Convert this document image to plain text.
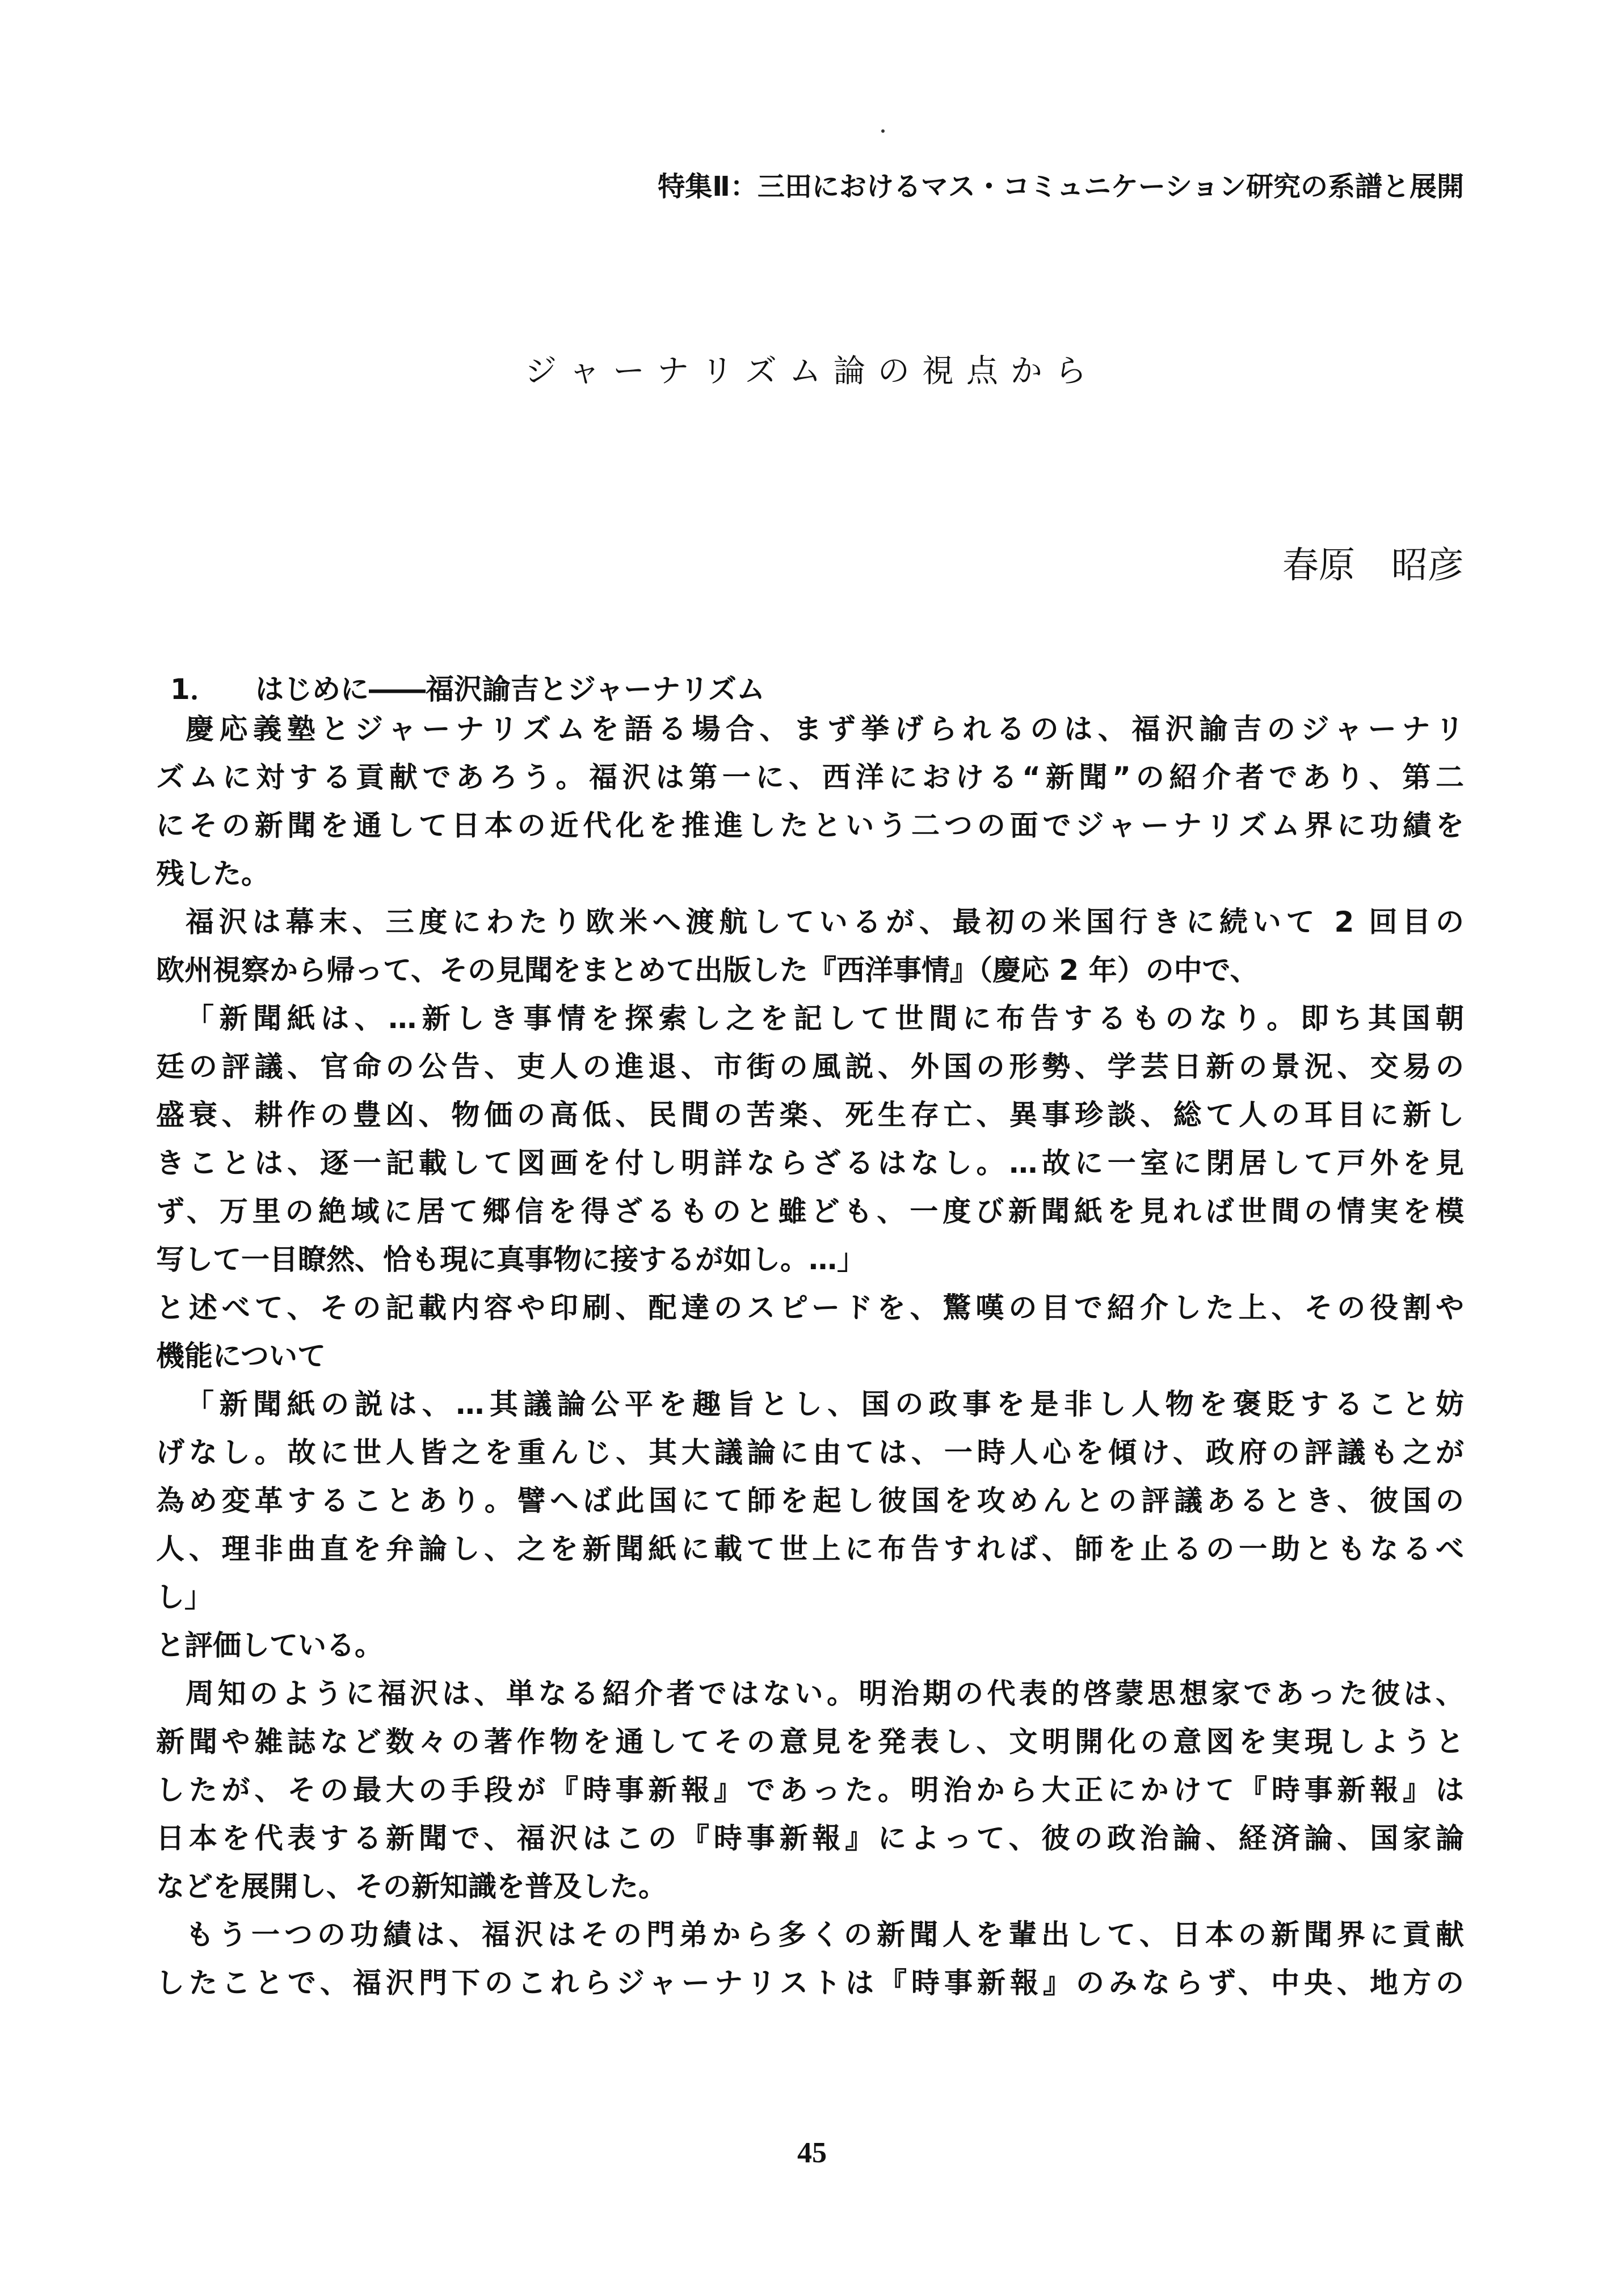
特集Ⅱ：三田におけるマス・コミュニケーション研究の系譜と展開
ジャーナリズム論の視点から
春原 昭彦
1． はじめに――福沢諭吉とジャーナリズム
慶応義塾とジャーナリズムを語る場合、まず挙げられるのは、福沢諭吉のジャーナリ
ズムに対する貢献であろう。福沢は第一に、西洋における“新聞”の紹介者であり、第二
にその新聞を通して日本の近代化を推進したという二つの面でジャーナリズム界に功績を
残した。
福沢は幕末、三度にわたり欧米へ渡航しているが、最初の米国行きに続いて 2 回目の
欧州視察から帰って、その見聞をまとめて出版した『西洋事情』（慶応 2 年）の中で、
「新聞紙は、…新しき事情を探索し之を記して世間に布告するものなり。即ち其国朝
廷の評議、官命の公告、吏人の進退、市街の風説、外国の形勢、学芸日新の景況、交易の
盛衰、耕作の豊凶、物価の高低、民間の苦楽、死生存亡、異事珍談、総て人の耳目に新し
きことは、逐一記載して図画を付し明詳ならざるはなし。…故に一室に閉居して戸外を見
ず、万里の絶域に居て郷信を得ざるものと雖ども、一度び新聞紙を見れば世間の情実を模
写して一目瞭然、恰も現に真事物に接するが如し。…」
と述べて、その記載内容や印刷、配達のスピードを、驚嘆の目で紹介した上、その役割や
機能について
「新聞紙の説は、…其議論公平を趣旨とし、国の政事を是非し人物を褒貶すること妨
げなし。故に世人皆之を重んじ、其大議論に由ては、一時人心を傾け、政府の評議も之が
為め変革することあり。譬へば此国にて師を起し彼国を攻めんとの評議あるとき、彼国の
人、理非曲直を弁論し、之を新聞紙に載て世上に布告すれば、師を止るの一助ともなるべ
し」
と評価している。
周知のように福沢は、単なる紹介者ではない。明治期の代表的啓蒙思想家であった彼は、
新聞や雑誌など数々の著作物を通してその意見を発表し、文明開化の意図を実現しようと
したが、その最大の手段が『時事新報』であった。明治から大正にかけて『時事新報』は
日本を代表する新聞で、福沢はこの『時事新報』によって、彼の政治論、経済論、国家論
などを展開し、その新知識を普及した。
もう一つの功績は、福沢はその門弟から多くの新聞人を輩出して、日本の新聞界に貢献
したことで、福沢門下のこれらジャーナリストは『時事新報』のみならず、中央、地方の
45
